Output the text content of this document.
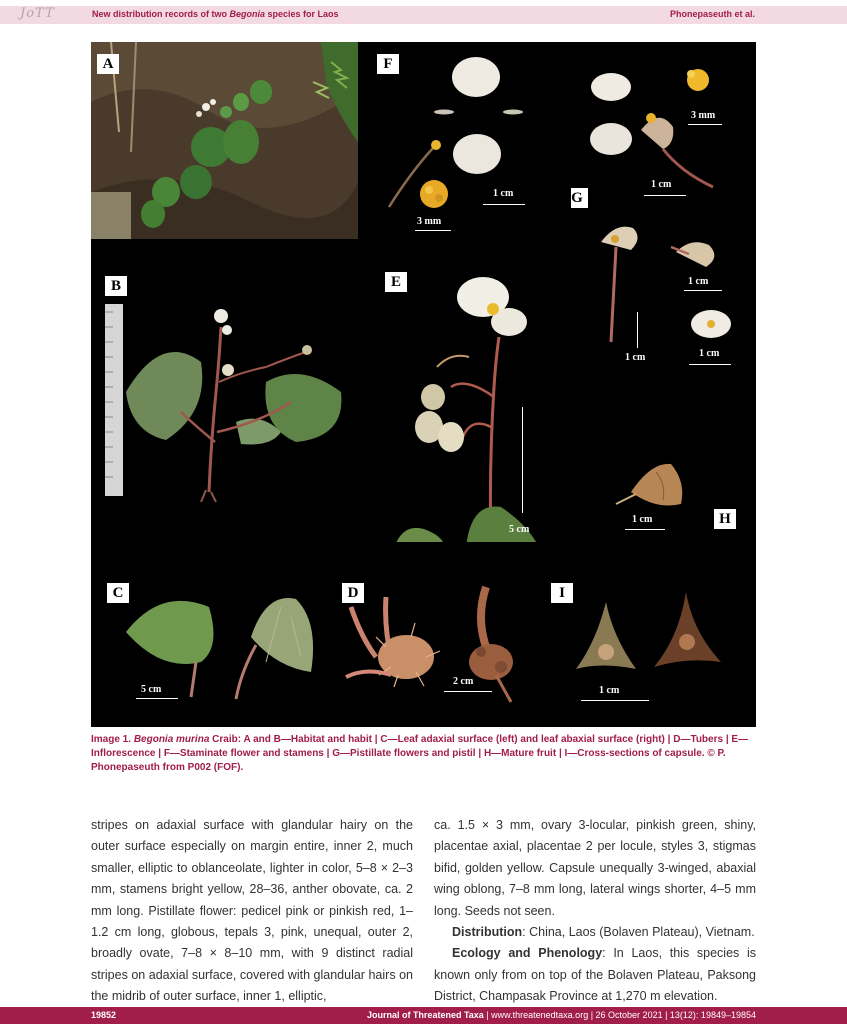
JoTT	New distribution records of two Begonia species for Laos	Phonepaseuth et al.
A	F
3 mm
1 cm
3 mm
1 cm
G
1 cm
1 cm	1 cm
B	E
5 cm
1 cm	H
C
5 cm
D
2 cm
I
1 cm
Image 1. Begonia murina Craib: A and B—Habitat and habit | C—Leaf adaxial surface (left) and leaf abaxial surface (right) | D—Tubers | E—Inflorescence | F—Staminate flower and stamens | G—Pistillate flowers and pistil | H—Mature fruit | I—Cross-sections of capsule. © P. Phonepaseuth from P002 (FOF).
stripes on adaxial surface with glandular hairy on the outer surface especially on margin entire, inner 2, much smaller, elliptic to oblanceolate, lighter in color, 5–8 × 2–3 mm, stamens bright yellow, 28–36, anther obovate, ca. 2 mm long. Pistillate flower: pedicel pink or pinkish red, 1–1.2 cm long, globous, tepals 3, pink, unequal, outer 2, broadly ovate, 7–8 × 8–10 mm, with 9 distinct radial stripes on adaxial surface, covered with glandular hairs on the midrib of outer surface, inner 1, elliptic,
ca. 1.5 × 3 mm, ovary 3-locular, pinkish green, shiny, placentae axial, placentae 2 per locule, styles 3, stigmas bifid, golden yellow. Capsule unequally 3-winged, abaxial wing oblong, 7–8 mm long, lateral wings shorter, 4–5 mm long. Seeds not seen.
Distribution: China, Laos (Bolaven Plateau), Vietnam.
Ecology and Phenology: In Laos, this species is known only from on top of the Bolaven Plateau, Paksong District, Champasak Province at 1,270 m elevation.
19852	Journal of Threatened Taxa | www.threatenedtaxa.org | 26 October 2021 | 13(12): 19849–19854
